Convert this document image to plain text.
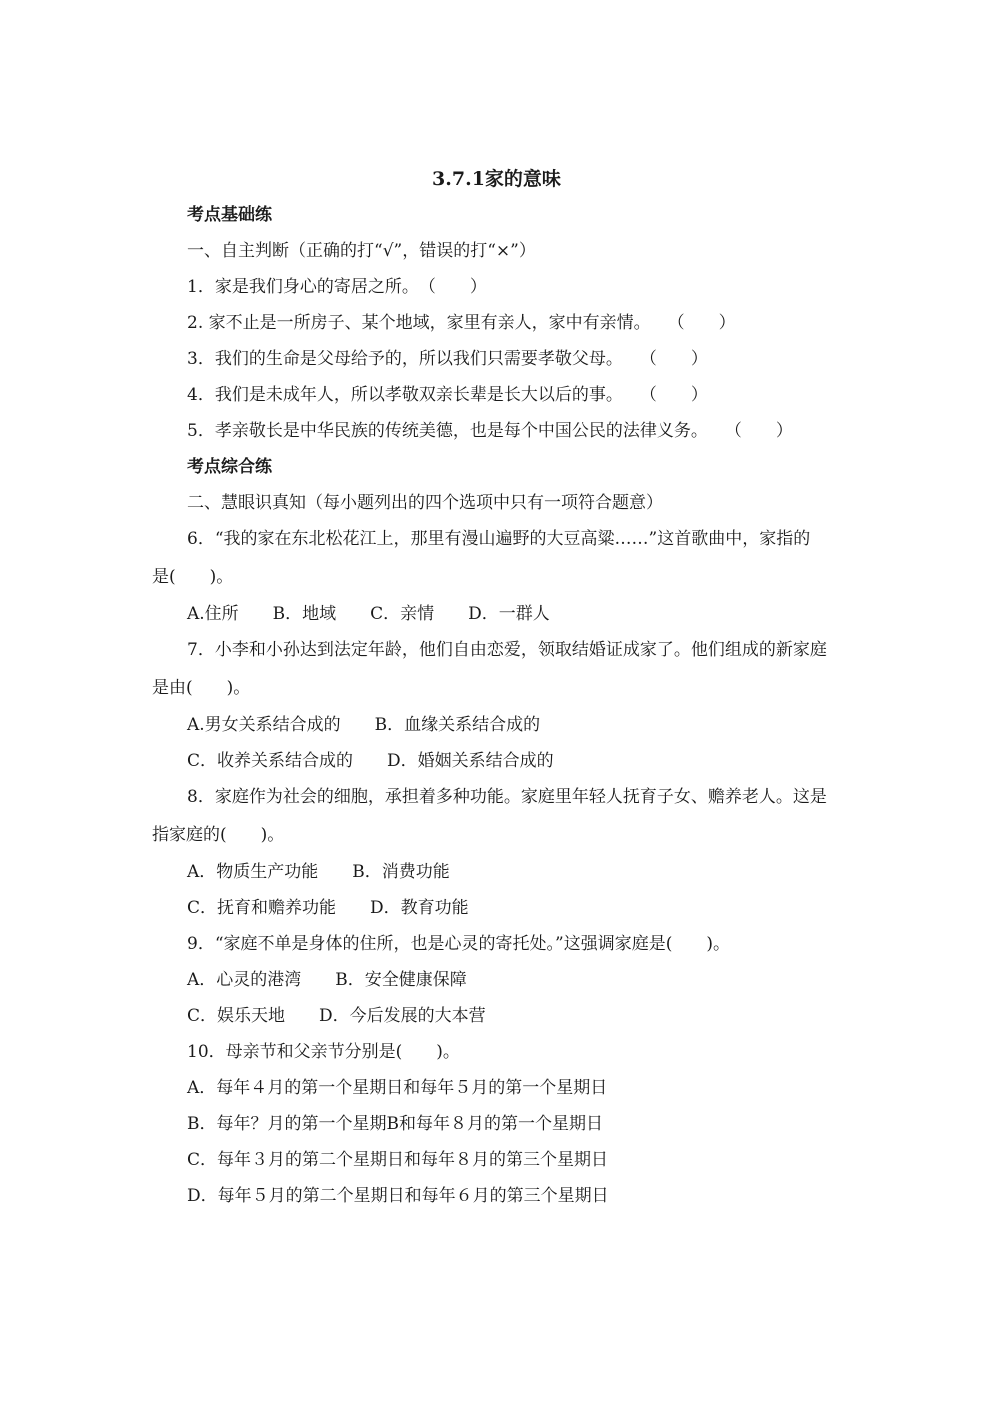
3.7.1家的意味
考点基础练
一、自主判断（正确的打“√”，错误的打“×”）
1．家是我们身心的寄居之所。　（　　）
2. 家不止是一所房子、某个地域，家里有亲人，家中有亲情。　　（　　）
3．我们的生命是父母给予的，所以我们只需要孝敬父母。　　（　　）
4．我们是未成年人，所以孝敬双亲长辈是长大以后的事。　　（　　）
5．孝亲敬长是中华民族的传统美德，也是每个中国公民的法律义务。　　（　　）
考点综合练
二、慧眼识真知（每小题列出的四个选项中只有一项符合题意）
6．“我的家在东北松花江上，那里有漫山遍野的大豆高粱……”这首歌曲中，家指的
是(　　)。
A.住所　　B．地域　　C．亲情　　D．一群人
7．小李和小孙达到法定年龄，他们自由恋爱，领取结婚证成家了。他们组成的新家庭
是由(　　)。
A.男女关系结合成的　　B．血缘关系结合成的
C．收养关系结合成的　　D．婚姻关系结合成的
8．家庭作为社会的细胞，承担着多种功能。家庭里年轻人抚育子女、赡养老人。这是
指家庭的(　　)。
A．物质生产功能　　B．消费功能
C．抚育和赡养功能　　D．教育功能
9．“家庭不单是身体的住所，也是心灵的寄托处。”这强调家庭是(　　)。
A．心灵的港湾　　B．安全健康保障
C．娱乐天地　　D．今后发展的大本营
10．母亲节和父亲节分别是(　　)。
A．每年４月的第一个星期日和每年５月的第一个星期日
B．每年？月的第一个星期B和每年８月的第一个星期日
C．每年３月的第二个星期日和每年８月的第三个星期日
D．每年５月的第二个星期日和每年６月的第三个星期日
